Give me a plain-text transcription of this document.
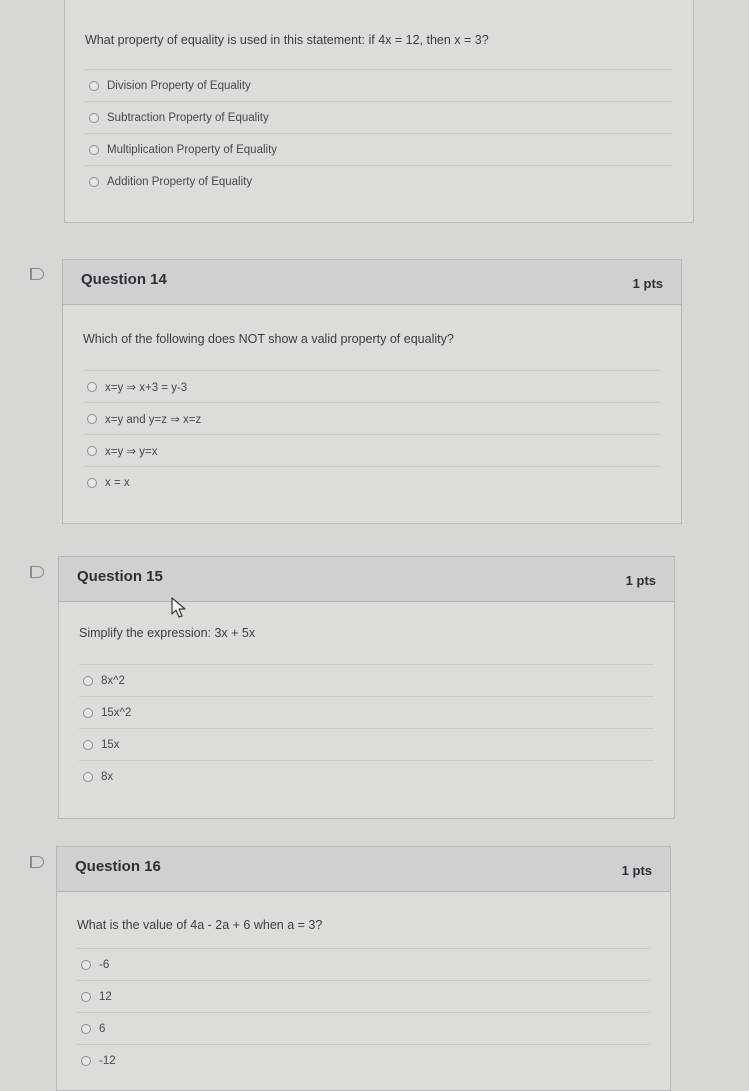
What property of equality is used in this statement: if 4x = 12, then x = 3?

Division Property of Equality
Subtraction Property of Equality
Multiplication Property of Equality
Addition Property of Equality
Question 14	1 pts

Which of the following does NOT show a valid property of equality?

x=y ⇒ x+3 = y-3
x=y and y=z ⇒ x=z
x=y ⇒ y=x
x = x
Question 15	1 pts

Simplify the expression: 3x + 5x

8x^2
15x^2
15x
8x
Question 16	1 pts

What is the value of 4a - 2a + 6 when a = 3?

-6
12
6
-12
